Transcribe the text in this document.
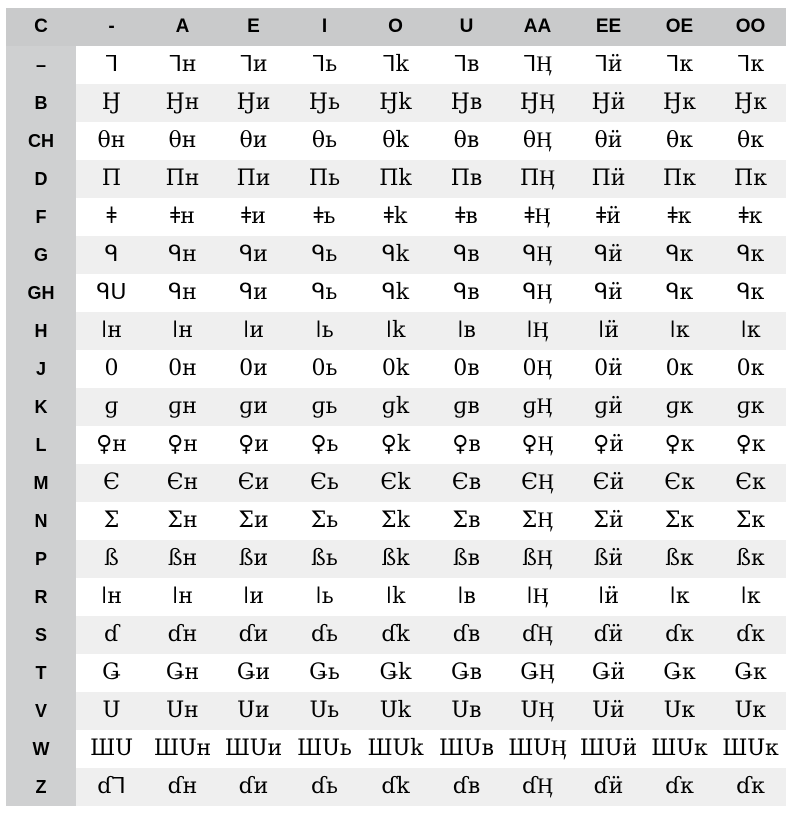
C	-	A	E	I	O	U	AA	EE	OE	OO
–	ᒣ	ᒣн	ᒣи	ᒣь	ᒣk	ᒣв	ᒣӉ	ᒣӥ	ᒣк	ᒣк
B	Ꜧ	Ꜧн	Ꜧи	Ꜧь	Ꜧk	Ꜧв	ꜦӉ	Ꜧӥ	Ꜧк	Ꜧк
CH	θн	θн	θи	θь	θk	θв	θӉ	θӥ	θк	θк
D	Π	Πн	Πи	Πь	Πk	Πв	ΠӉ	Πӥ	Πк	Πк
F	ǂ	ǂн	ǂи	ǂь	ǂk	ǂв	ǂӉ	ǂӥ	ǂк	ǂк
G	ᑫ	ᑫн	ᑫи	ᑫь	ᑫk	ᑫв	ᑫӉ	ᑫӥ	ᑫк	ᑫк
GH	ᑫᑌ	ᑫн	ᑫи	ᑫь	ᑫk	ᑫв	ᑫӉ	ᑫӥ	ᑫк	ᑫк
H	ǀн	ǀн	ǀи	ǀь	ǀk	ǀв	ǀӉ	ǀӥ	ǀк	ǀк
J	0	0н	0и	0ь	0k	0в	0Ӊ	0ӥ	0к	0к
K	ɡ	ɡн	ɡи	ɡь	ɡk	ɡв	ɡӉ	ɡӥ	ɡк	ɡк
L	♀н	♀н	♀и	♀ь	♀k	♀в	♀Ӊ	♀ӥ	♀к	♀к
M	Є	Єн	Єи	Єь	Єk	Єв	ЄӉ	Єӥ	Єк	Єк
N	Σ	Σн	Σи	Σь	Σk	Σв	ΣӉ	Σӥ	Σк	Σк
P	ß	ßн	ßи	ßь	ßk	ßв	ßӉ	ßӥ	ßк	ßк
R	ǀн	ǀн	ǀи	ǀь	ǀk	ǀв	ǀӉ	ǀӥ	ǀк	ǀк
S	ɗ	ɗн	ɗи	ɗь	ɗk	ɗв	ɗӉ	ɗӥ	ɗк	ɗк
T	Ǥ	Ǥн	Ǥи	Ǥь	Ǥk	Ǥв	ǤӉ	Ǥӥ	Ǥк	Ǥк
V	Ս	Սн	Սи	Սь	Սk	Սв	ՍӉ	Սӥ	Սк	Սк
W	ШՍ	ШՍн	ШՍи	ШՍь	ШՍk	ШՍв	ШՍӉ	ШՍӥ	ШՍк	ШՍк
Z	ɗᒣ	ɗн	ɗи	ɗь	ɗk	ɗв	ɗӉ	ɗӥ	ɗк	ɗк
